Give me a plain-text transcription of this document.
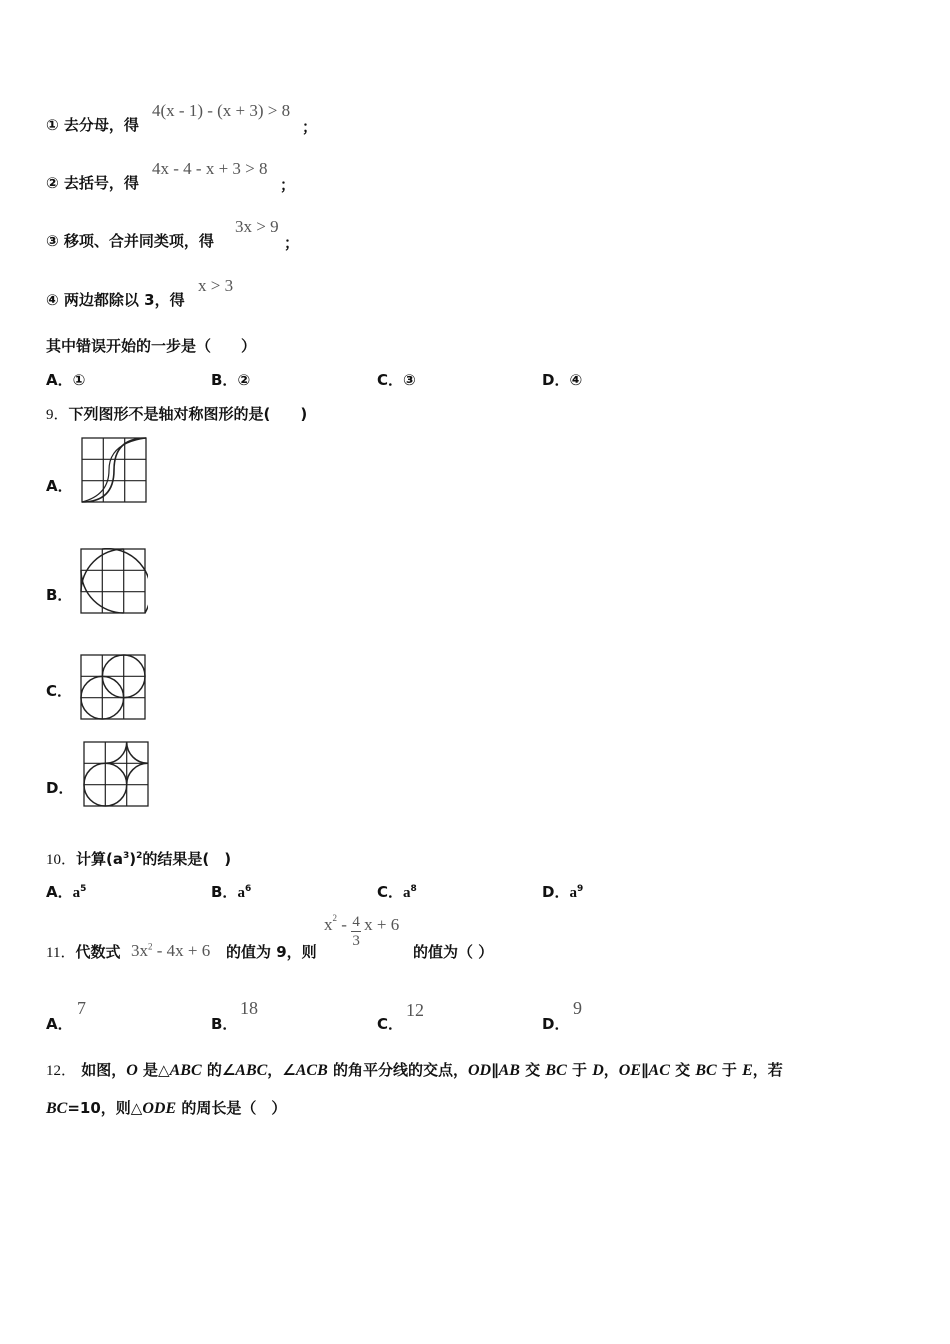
① 去分母，得
4(x - 1) - (x + 3) > 8
；
② 去括号，得
4x - 4 - x + 3 > 8
；
③ 移项、合并同类项，得
3x > 9
；
④ 两边都除以 3，得
x > 3
其中错误开始的一步是（　　）
A．①	B．②	C．③	D．④
9．下列图形不是轴对称图形的是(　　)
A．
B．
C．
D．
10．计算$(a^3)^2$的结果是(　)
A．$a^5$	B．$a^6$	C．$a^8$	D．$a^9$
11．代数式 $3x^2 - 4x + 6$ 的值为 9，则
$x^2 - \frac{4}{3}$ x + 6
的值为（ ）
A．
7
B．
18
C．
12
D．
9
12． 如图，O 是△ABC 的∠ABC，∠ACB 的角平分线的交点，OD∥AB 交 BC 于 D，OE∥AC 交 BC 于 E，若
BC=10，则△ODE 的周长是（　）
